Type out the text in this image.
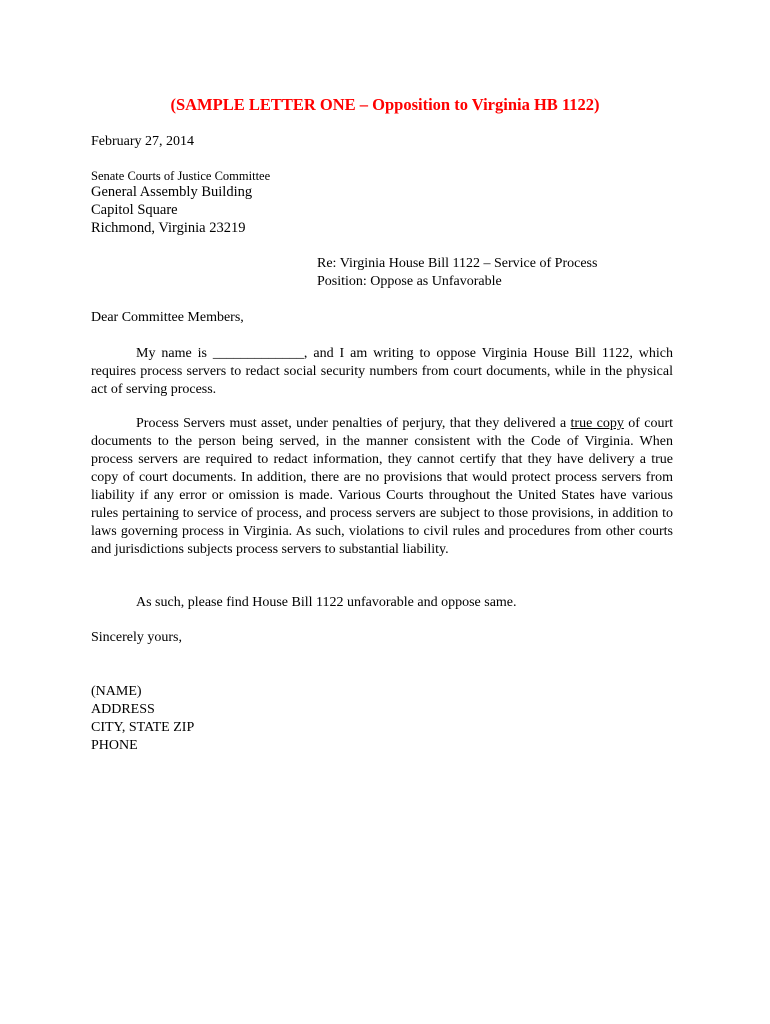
(SAMPLE LETTER ONE – Opposition to Virginia HB 1122)
February 27, 2014
Senate Courts of Justice Committee
General Assembly Building
Capitol Square
Richmond, Virginia 23219
Re: Virginia House Bill 1122 – Service of Process
Position: Oppose as Unfavorable
Dear Committee Members,
My name is _____________, and I am writing to oppose Virginia House Bill 1122, which requires process servers to redact social security numbers from court documents, while in the physical act of serving process.
Process Servers must asset, under penalties of perjury, that they delivered a true copy of court documents to the person being served, in the manner consistent with the Code of Virginia. When process servers are required to redact information, they cannot certify that they have delivery a true copy of court documents. In addition, there are no provisions that would protect process servers from liability if any error or omission is made. Various Courts throughout the United States have various rules pertaining to service of process, and process servers are subject to those provisions, in addition to laws governing process in Virginia. As such, violations to civil rules and procedures from other courts and jurisdictions subjects process servers to substantial liability.
As such, please find House Bill 1122 unfavorable and oppose same.
Sincerely yours,
(NAME)
ADDRESS
CITY, STATE ZIP
PHONE
